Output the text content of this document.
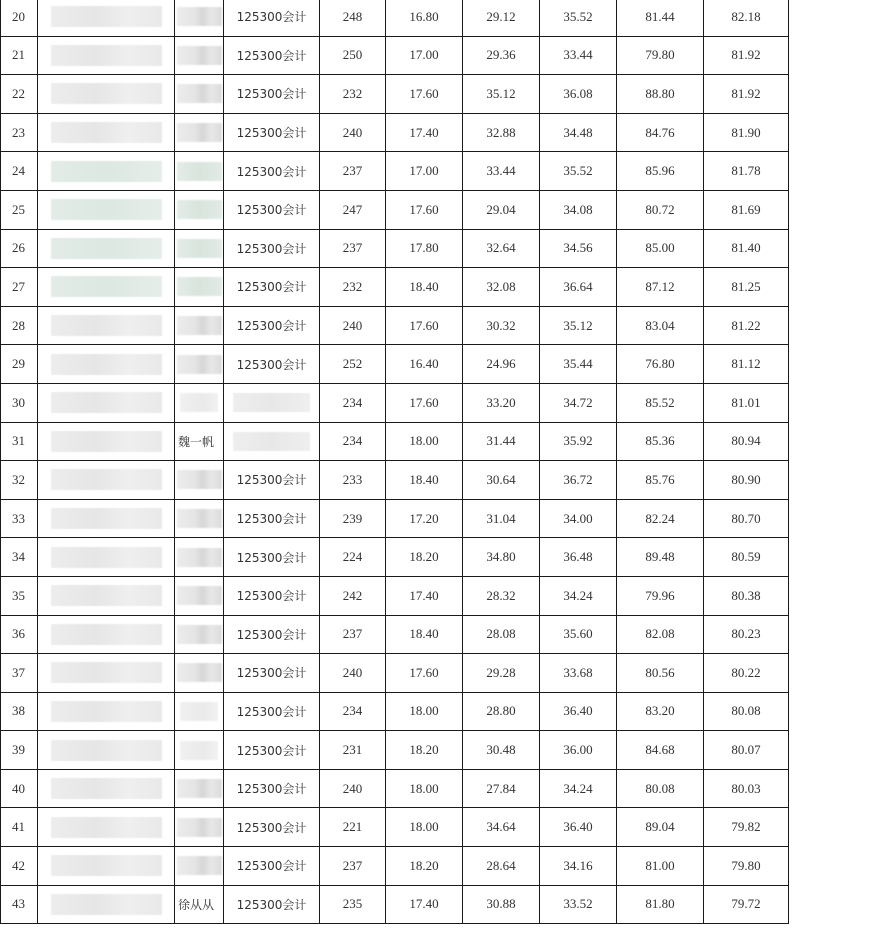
20			125300会计	248	16.80	29.12	35.52	81.44	82.18
21			125300会计	250	17.00	29.36	33.44	79.80	81.92
22			125300会计	232	17.60	35.12	36.08	88.80	81.92
23			125300会计	240	17.40	32.88	34.48	84.76	81.90
24			125300会计	237	17.00	33.44	35.52	85.96	81.78
25			125300会计	247	17.60	29.04	34.08	80.72	81.69
26			125300会计	237	17.80	32.64	34.56	85.00	81.40
27			125300会计	232	18.40	32.08	36.64	87.12	81.25
28			125300会计	240	17.60	30.32	35.12	83.04	81.22
29			125300会计	252	16.40	24.96	35.44	76.80	81.12
30				234	17.60	33.20	34.72	85.52	81.01
31		魏一帆		234	18.00	31.44	35.92	85.36	80.94
32			125300会计	233	18.40	30.64	36.72	85.76	80.90
33			125300会计	239	17.20	31.04	34.00	82.24	80.70
34			125300会计	224	18.20	34.80	36.48	89.48	80.59
35			125300会计	242	17.40	28.32	34.24	79.96	80.38
36			125300会计	237	18.40	28.08	35.60	82.08	80.23
37			125300会计	240	17.60	29.28	33.68	80.56	80.22
38			125300会计	234	18.00	28.80	36.40	83.20	80.08
39			125300会计	231	18.20	30.48	36.00	84.68	80.07
40			125300会计	240	18.00	27.84	34.24	80.08	80.03
41			125300会计	221	18.00	34.64	36.40	89.04	79.82
42			125300会计	237	18.20	28.64	34.16	81.00	79.80
43		徐从从	125300会计	235	17.40	30.88	33.52	81.80	79.72
